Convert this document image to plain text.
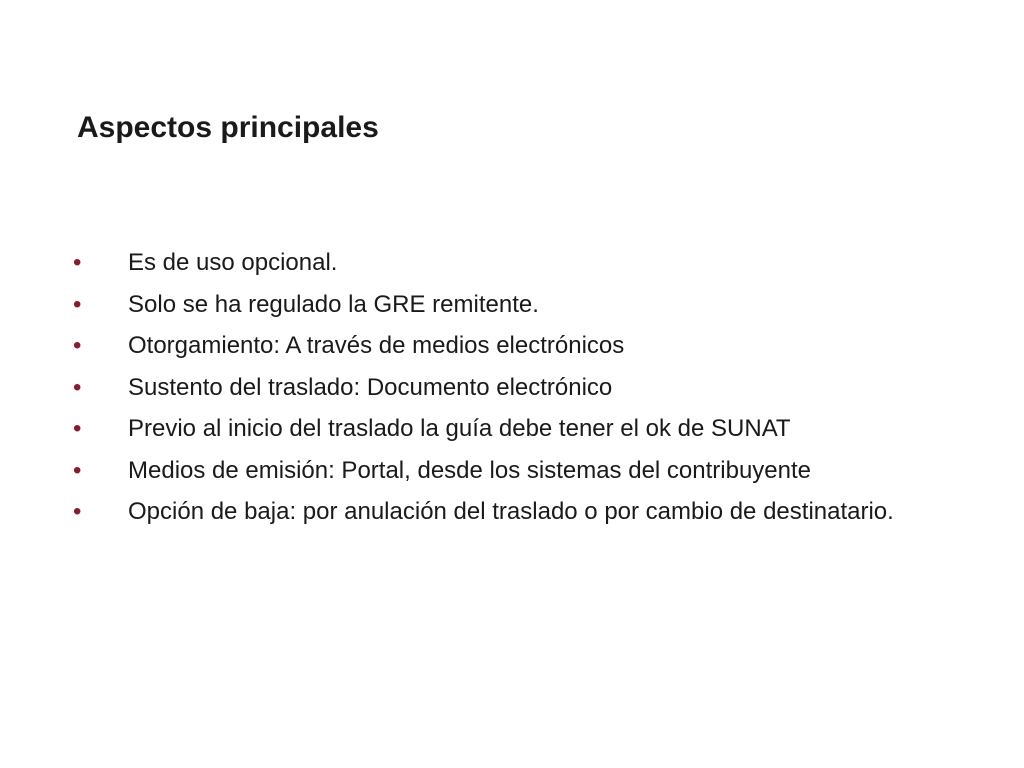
Aspectos principales
•	Es de uso opcional.
•	Solo se ha regulado la GRE remitente.
•	Otorgamiento: A través de medios electrónicos
•	Sustento del traslado: Documento electrónico
•	Previo al inicio del traslado la guía debe tener el ok de SUNAT
•	Medios de emisión: Portal, desde los sistemas del contribuyente
•	Opción de baja: por anulación del traslado o por cambio de destinatario.
